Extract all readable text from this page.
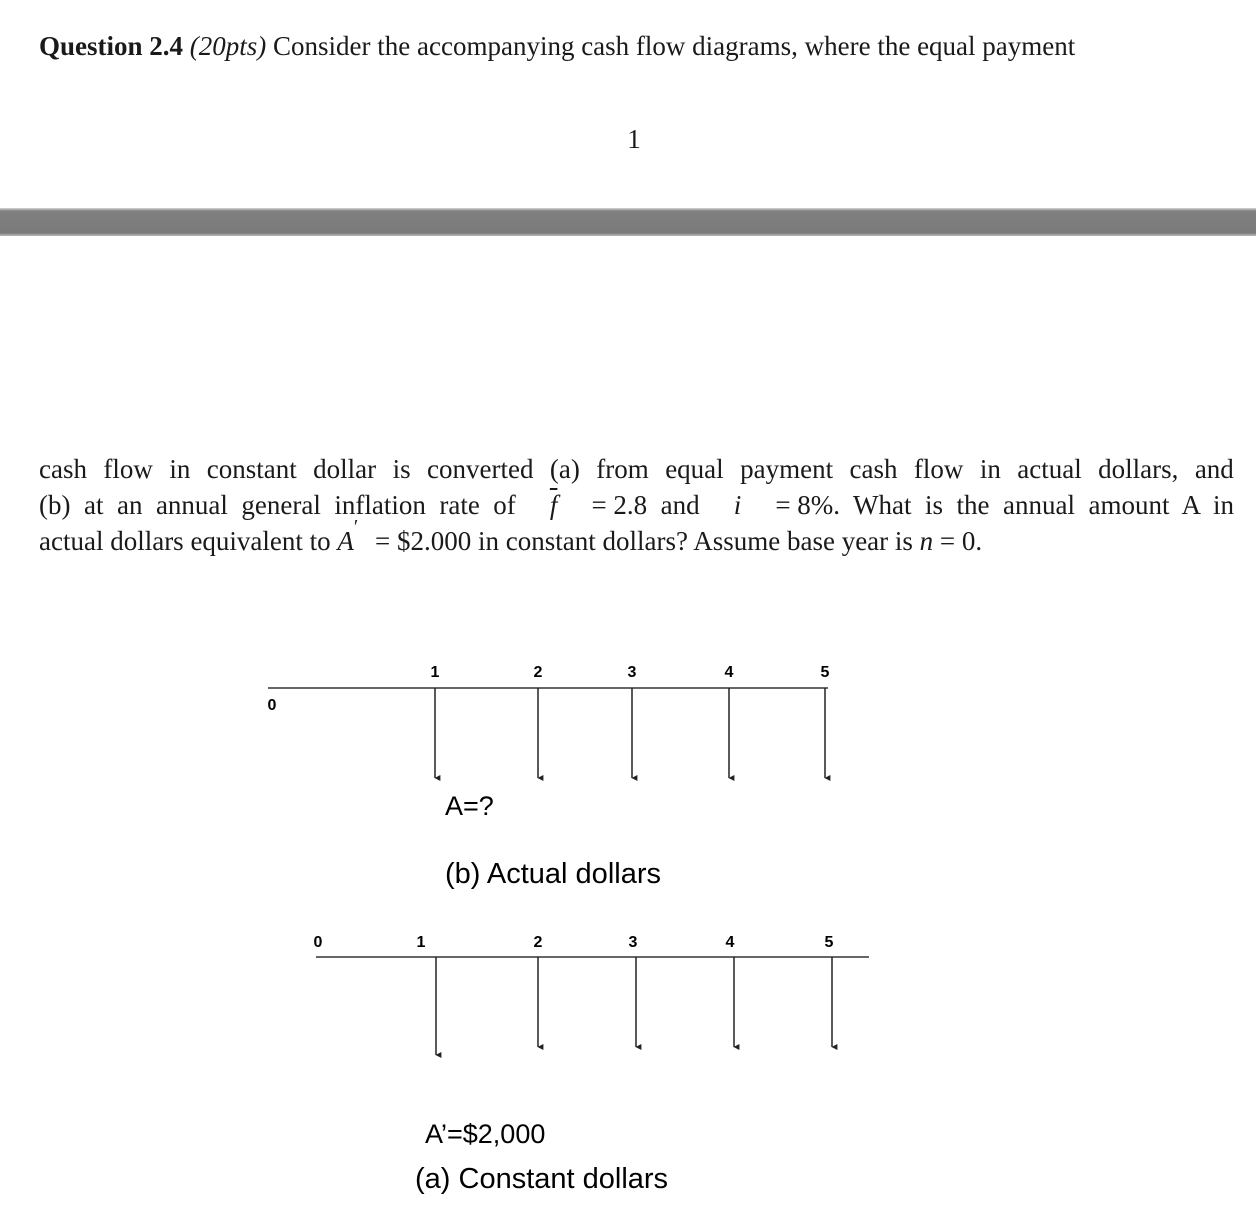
Question 2.4 (20pts) Consider the accompanying cash flow diagrams, where the equal payment
1
cash flow in constant dollar is converted (a) from equal payment cash flow in actual dollars, and
(b)  at  an  annual  general  inflation  rate  of $\overline{f} = 2.8$  and i = 8%.  What  is  the  annual  amount  A  in
actual dollars equivalent to
A ′
= $2.000 in constant dollars? Assume base year is
n
= 0.
0
1	2	3	4	5
A=?
(b) Actual dollars
0	1	2	3	4	5
A’=$2,000
(a) Constant dollars
